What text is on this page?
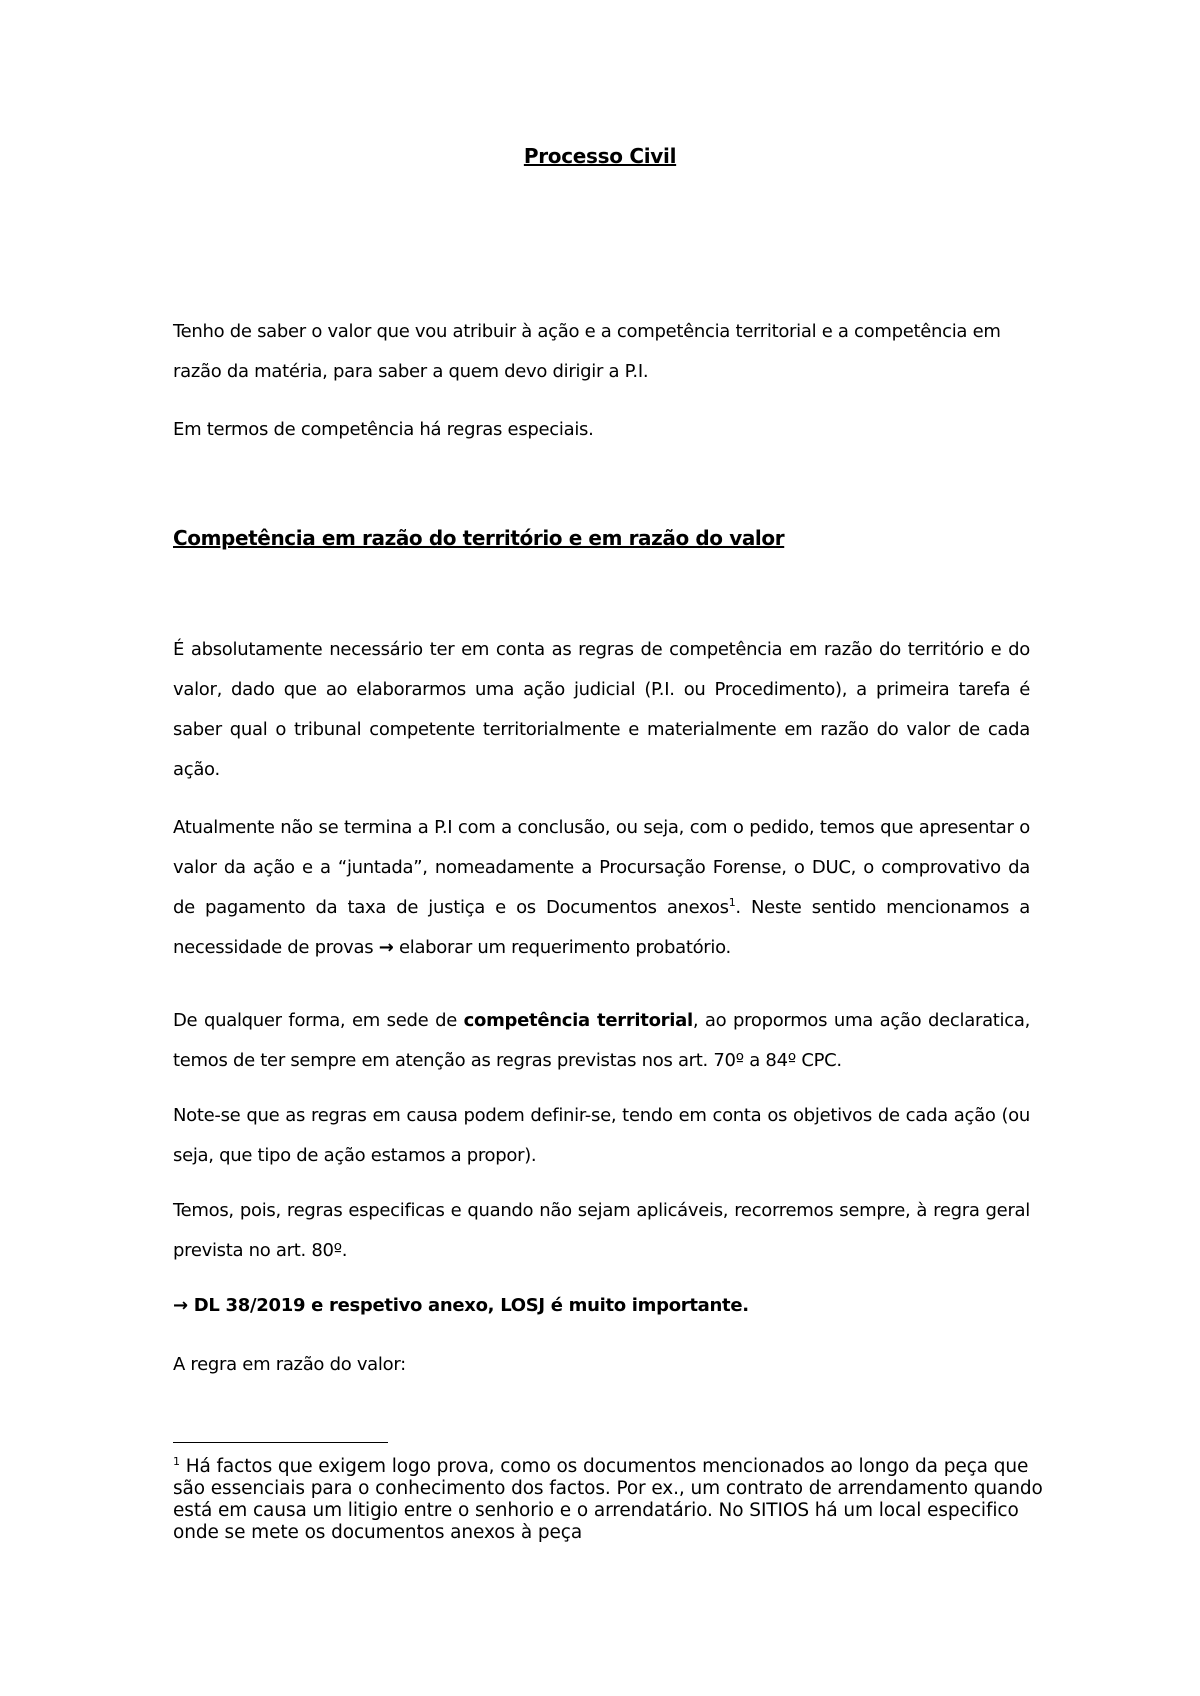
Processo Civil
Tenho de saber o valor que vou atribuir à ação e a competência territorial e a competência em razão da matéria, para saber a quem devo dirigir a P.I.
Em termos de competência há regras especiais.
Competência em razão do território e em razão do valor
É absolutamente necessário ter em conta as regras de competência em razão do território e do valor, dado que ao elaborarmos uma ação judicial (P.I. ou Procedimento), a primeira tarefa é saber qual o tribunal competente territorialmente e materialmente em razão do valor de cada ação.
Atualmente não se termina a P.I com a conclusão, ou seja, com o pedido, temos que apresentar o valor da ação e a “juntada”, nomeadamente a Procursação Forense, o DUC, o comprovativo da de pagamento da taxa de justiça e os Documentos anexos$^1$. Neste sentido mencionamos a necessidade de provas → elaborar um requerimento probatório.
De qualquer forma, em sede de competência territorial, ao propormos uma ação declaratica, temos de ter sempre em atenção as regras previstas nos art. 70º a 84º CPC.
Note-se que as regras em causa podem definir-se, tendo em conta os objetivos de cada ação (ou seja, que tipo de ação estamos a propor).
Temos, pois, regras especificas e quando não sejam aplicáveis, recorremos sempre, à regra geral prevista no art. 80º.
→ DL 38/2019 e respetivo anexo, LOSJ é muito importante.
A regra em razão do valor:
$^1$ Há factos que exigem logo prova, como os documentos mencionados ao longo da peça que são essenciais para o conhecimento dos factos. Por ex., um contrato de arrendamento quando está em causa um litigio entre o senhorio e o arrendatário. No SITIOS há um local especifico onde se mete os documentos anexos à peça
